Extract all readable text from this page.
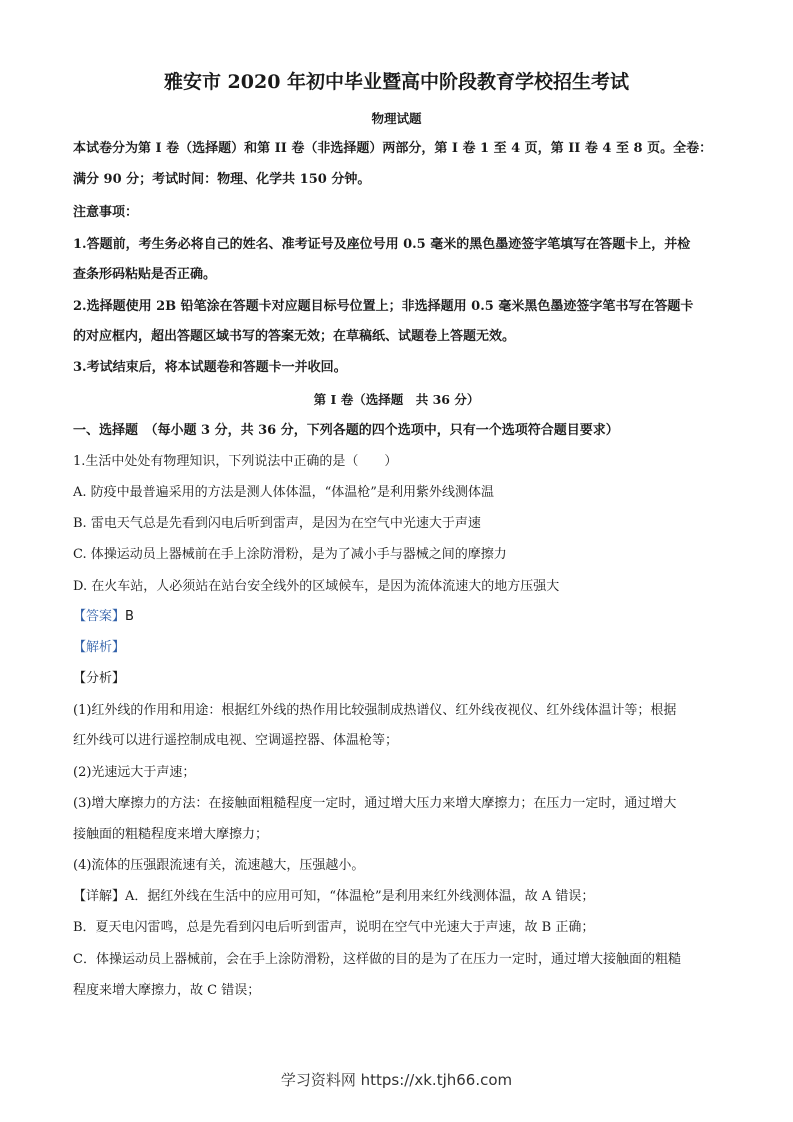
雅安市 2020 年初中毕业暨高中阶段教育学校招生考试
物理试题
本试卷分为第 I 卷（选择题）和第 II 卷（非选择题）两部分，第 I 卷 1 至 4 页，第 II 卷 4 至 8 页。全卷：
满分 90 分；考试时间：物理、化学共 150 分钟。
注意事项：
1.答题前，考生务必将自己的姓名、准考证号及座位号用 0.5 毫米的黑色墨迹签字笔填写在答题卡上，并检
查条形码粘贴是否正确。
2.选择题使用 2B 铅笔涂在答题卡对应题目标号位置上；非选择题用 0.5 毫米黑色墨迹签字笔书写在答题卡
的对应框内，超出答题区域书写的答案无效；在草稿纸、试题卷上答题无效。
3.考试结束后，将本试题卷和答题卡一并收回。
第 I 卷（选择题　共 36 分）
一、选择题　（每小题 3 分，共 36 分，下列各题的四个选项中，只有一个选项符合题目要求）
1.生活中处处有物理知识，下列说法中正确的是（　　）
A. 防疫中最普遍采用的方法是测人体体温，“体温枪”是利用紫外线测体温
B. 雷电天气总是先看到闪电后听到雷声，是因为在空气中光速大于声速
C. 体操运动员上器械前在手上涂防滑粉，是为了减小手与器械之间的摩擦力
D. 在火车站，人必须站在站台安全线外的区域候车，是因为流体流速大的地方压强大
【答案】B
【解析】
【分析】
(1)红外线的作用和用途：根据红外线的热作用比较强制成热谱仪、红外线夜视仪、红外线体温计等；根据
红外线可以进行遥控制成电视、空调遥控器、体温枪等；
(2)光速远大于声速；
(3)增大摩擦力的方法：在接触面粗糙程度一定时，通过增大压力来增大摩擦力；在压力一定时，通过增大
接触面的粗糙程度来增大摩擦力；
(4)流体的压强跟流速有关，流速越大，压强越小。
【详解】A．据红外线在生活中的应用可知，“体温枪”是利用来红外线测体温，故 A 错误；
B．夏天电闪雷鸣，总是先看到闪电后听到雷声，说明在空气中光速大于声速，故 B 正确；
C．体操运动员上器械前，会在手上涂防滑粉，这样做的目的是为了在压力一定时，通过增大接触面的粗糙
程度来增大摩擦力，故 C 错误；
学习资料网 https://xk.tjh66.com
